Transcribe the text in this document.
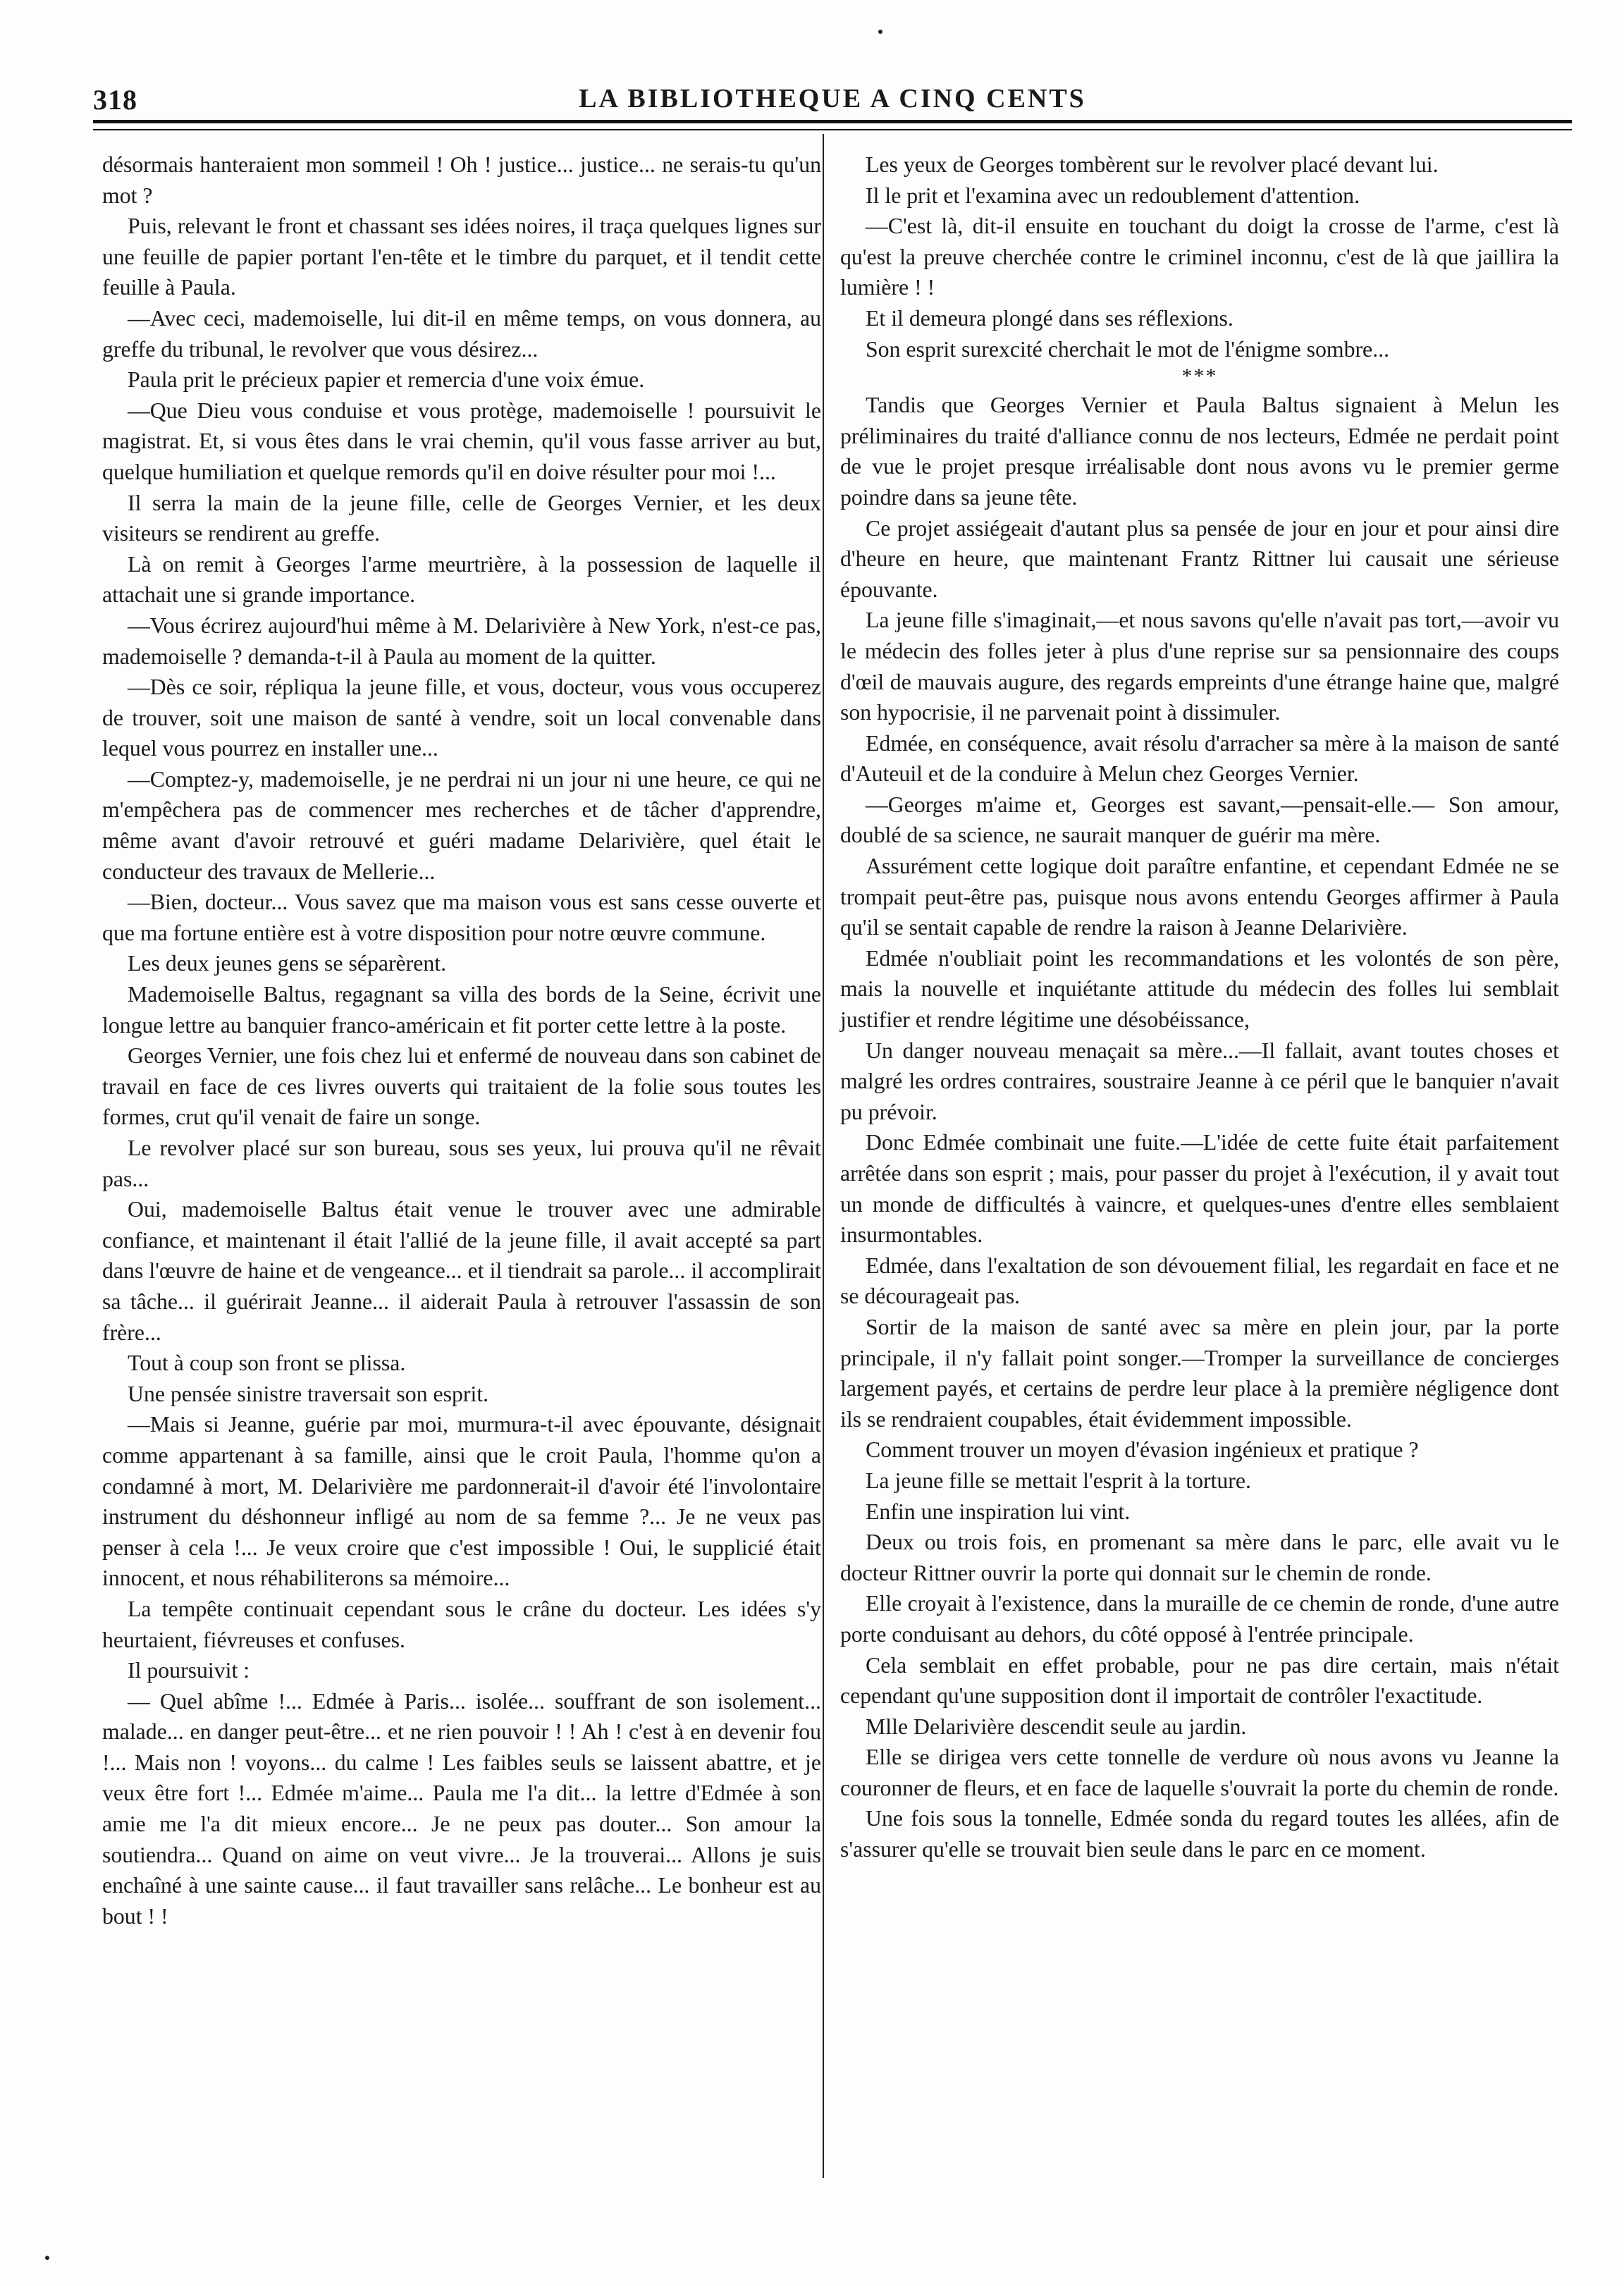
318	LA BIBLIOTHEQUE A CINQ CENTS

désormais hanteraient mon sommeil ! Oh ! justice... justice... ne serais-tu qu'un mot ?

Puis, relevant le front et chassant ses idées noires, il traça quelques lignes sur une feuille de papier portant l'en-tête et le timbre du parquet, et il tendit cette feuille à Paula.

—Avec ceci, mademoiselle, lui dit-il en même temps, on vous donnera, au greffe du tribunal, le revolver que vous désirez...

Paula prit le précieux papier et remercia d'une voix émue.

—Que Dieu vous conduise et vous protège, mademoiselle ! poursuivit le magistrat. Et, si vous êtes dans le vrai chemin, qu'il vous fasse arriver au but, quelque humiliation et quelque remords qu'il en doive résulter pour moi !...

Il serra la main de la jeune fille, celle de Georges Vernier, et les deux visiteurs se rendirent au greffe.

Là on remit à Georges l'arme meurtrière, à la possession de laquelle il attachait une si grande importance.

—Vous écrirez aujourd'hui même à M. Delarivière à New York, n'est-ce pas, mademoiselle ? demanda-t-il à Paula au moment de la quitter.

—Dès ce soir, répliqua la jeune fille, et vous, docteur, vous vous occuperez de trouver, soit une maison de santé à vendre, soit un local convenable dans lequel vous pourrez en installer une...

—Comptez-y, mademoiselle, je ne perdrai ni un jour ni une heure, ce qui ne m'empêchera pas de commencer mes recherches et de tâcher d'apprendre, même avant d'avoir retrouvé et guéri madame Delarivière, quel était le conducteur des travaux de Mellerie...

—Bien, docteur... Vous savez que ma maison vous est sans cesse ouverte et que ma fortune entière est à votre disposition pour notre œuvre commune.

Les deux jeunes gens se séparèrent.

Mademoiselle Baltus, regagnant sa villa des bords de la Seine, écrivit une longue lettre au banquier franco-américain et fit porter cette lettre à la poste.

Georges Vernier, une fois chez lui et enfermé de nouveau dans son cabinet de travail en face de ces livres ouverts qui traitaient de la folie sous toutes les formes, crut qu'il venait de faire un songe.

Le revolver placé sur son bureau, sous ses yeux, lui prouva qu'il ne rêvait pas...

Oui, mademoiselle Baltus était venue le trouver avec une admirable confiance, et maintenant il était l'allié de la jeune fille, il avait accepté sa part dans l'œuvre de haine et de vengeance... et il tiendrait sa parole... il accomplirait sa tâche... il guérirait Jeanne... il aiderait Paula à retrouver l'assassin de son frère...

Tout à coup son front se plissa.

Une pensée sinistre traversait son esprit.

—Mais si Jeanne, guérie par moi, murmura-t-il avec épouvante, désignait comme appartenant à sa famille, ainsi que le croit Paula, l'homme qu'on a condamné à mort, M. Delarivière me pardonnerait-il d'avoir été l'involontaire instrument du déshonneur infligé au nom de sa femme ?... Je ne veux pas penser à cela !... Je veux croire que c'est impossible ! Oui, le supplicié était innocent, et nous réhabiliterons sa mémoire...

La tempête continuait cependant sous le crâne du docteur. Les idées s'y heurtaient, fiévreuses et confuses.

Il poursuivit :

— Quel abîme !... Edmée à Paris... isolée... souffrant de son isolement... malade... en danger peut-être... et ne rien pouvoir ! ! Ah ! c'est à en devenir fou !... Mais non ! voyons... du calme ! Les faibles seuls se laissent abattre, et je veux être fort !... Edmée m'aime... Paula me l'a dit... la lettre d'Edmée à son amie me l'a dit mieux encore... Je ne peux pas douter... Son amour la soutiendra... Quand on aime on veut vivre... Je la trouverai... Allons je suis enchaîné à une sainte cause... il faut travailler sans relâche... Le bonheur est au bout ! !

Les yeux de Georges tombèrent sur le revolver placé devant lui.

Il le prit et l'examina avec un redoublement d'attention.

—C'est là, dit-il ensuite en touchant du doigt la crosse de l'arme, c'est là qu'est la preuve cherchée contre le criminel inconnu, c'est de là que jaillira la lumière ! !

Et il demeura plongé dans ses réflexions.

Son esprit surexcité cherchait le mot de l'énigme sombre...

***

Tandis que Georges Vernier et Paula Baltus signaient à Melun les préliminaires du traité d'alliance connu de nos lecteurs, Edmée ne perdait point de vue le projet presque irréalisable dont nous avons vu le premier germe poindre dans sa jeune tête.

Ce projet assiégeait d'autant plus sa pensée de jour en jour et pour ainsi dire d'heure en heure, que maintenant Frantz Rittner lui causait une sérieuse épouvante.

La jeune fille s'imaginait,—et nous savons qu'elle n'avait pas tort,—avoir vu le médecin des folles jeter à plus d'une reprise sur sa pensionnaire des coups d'œil de mauvais augure, des regards empreints d'une étrange haine que, malgré son hypocrisie, il ne parvenait point à dissimuler.

Edmée, en conséquence, avait résolu d'arracher sa mère à la maison de santé d'Auteuil et de la conduire à Melun chez Georges Vernier.

—Georges m'aime et, Georges est savant,—pensait-elle.— Son amour, doublé de sa science, ne saurait manquer de guérir ma mère.

Assurément cette logique doit paraître enfantine, et cependant Edmée ne se trompait peut-être pas, puisque nous avons entendu Georges affirmer à Paula qu'il se sentait capable de rendre la raison à Jeanne Delarivière.

Edmée n'oubliait point les recommandations et les volontés de son père, mais la nouvelle et inquiétante attitude du médecin des folles lui semblait justifier et rendre légitime une désobéissance,

Un danger nouveau menaçait sa mère...—Il fallait, avant toutes choses et malgré les ordres contraires, soustraire Jeanne à ce péril que le banquier n'avait pu prévoir.

Donc Edmée combinait une fuite.—L'idée de cette fuite était parfaitement arrêtée dans son esprit ; mais, pour passer du projet à l'exécution, il y avait tout un monde de difficultés à vaincre, et quelques-unes d'entre elles semblaient insurmontables.

Edmée, dans l'exaltation de son dévouement filial, les regardait en face et ne se décourageait pas.

Sortir de la maison de santé avec sa mère en plein jour, par la porte principale, il n'y fallait point songer.—Tromper la surveillance de concierges largement payés, et certains de perdre leur place à la première négligence dont ils se rendraient coupables, était évidemment impossible.

Comment trouver un moyen d'évasion ingénieux et pratique ?

La jeune fille se mettait l'esprit à la torture.

Enfin une inspiration lui vint.

Deux ou trois fois, en promenant sa mère dans le parc, elle avait vu le docteur Rittner ouvrir la porte qui donnait sur le chemin de ronde.

Elle croyait à l'existence, dans la muraille de ce chemin de ronde, d'une autre porte conduisant au dehors, du côté opposé à l'entrée principale.

Cela semblait en effet probable, pour ne pas dire certain, mais n'était cependant qu'une supposition dont il importait de contrôler l'exactitude.

Mlle Delarivière descendit seule au jardin.

Elle se dirigea vers cette tonnelle de verdure où nous avons vu Jeanne la couronner de fleurs, et en face de laquelle s'ouvrait la porte du chemin de ronde.

Une fois sous la tonnelle, Edmée sonda du regard toutes les allées, afin de s'assurer qu'elle se trouvait bien seule dans le parc en ce moment.
